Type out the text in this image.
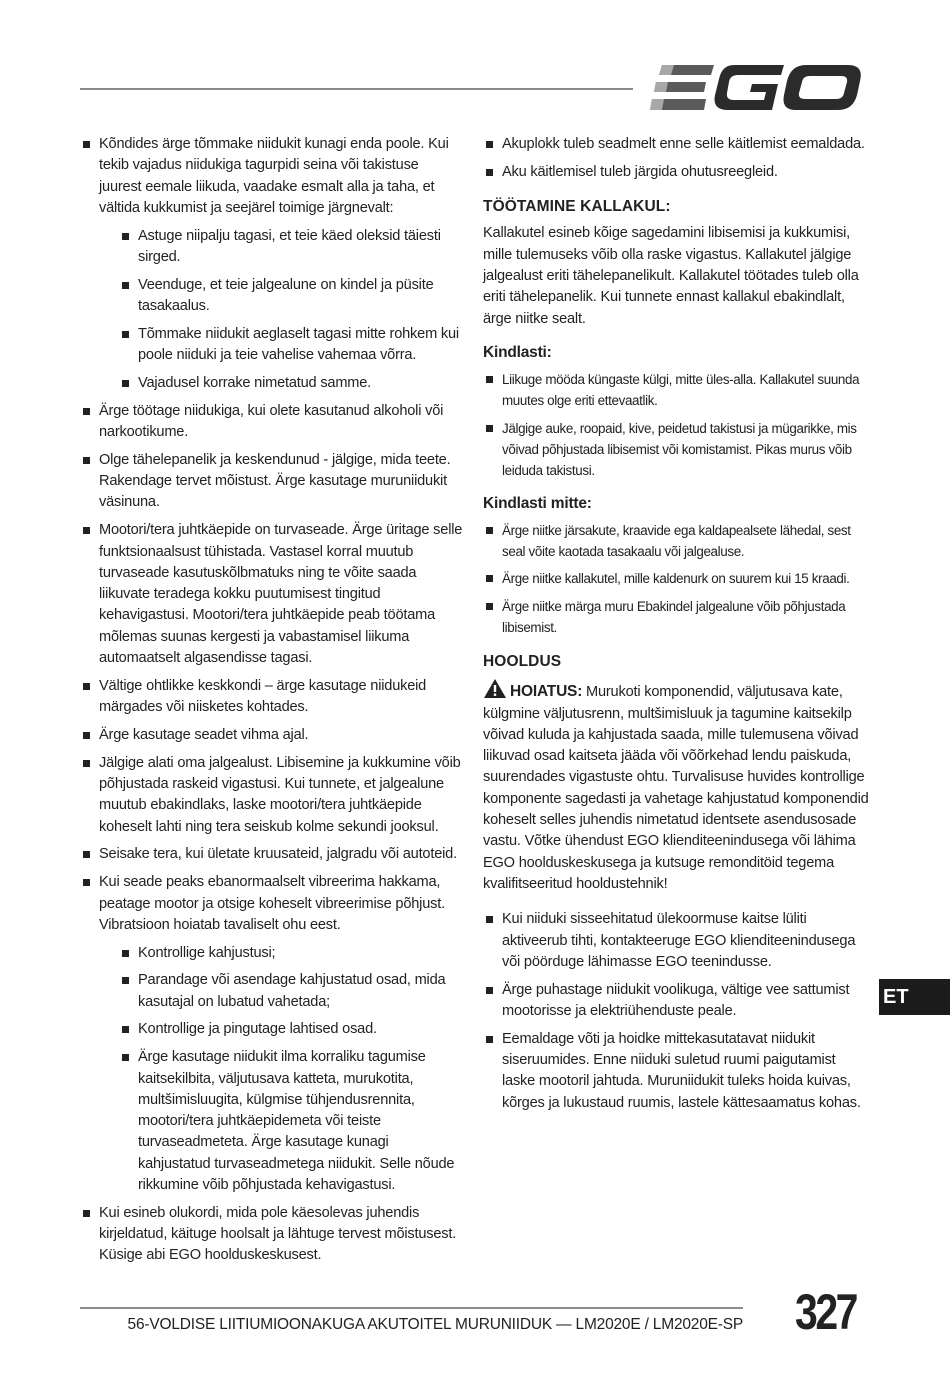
Kõndides ärge tõmmake niidukit kunagi enda poole. Kui tekib vajadus niidukiga tagurpidi seina või takistuse juurest eemale liikuda, vaadake esmalt alla ja taha, et vältida kukkumist ja seejärel toimige järgnevalt:
Astuge niipalju tagasi, et teie käed oleksid täiesti sirged.
Veenduge, et teie jalgealune on kindel ja püsite tasakaalus.
Tõmmake niidukit aeglaselt tagasi mitte rohkem kui poole niiduki ja teie vahelise vahemaa võrra.
Vajadusel korrake nimetatud samme.
Ärge töötage niidukiga, kui olete kasutanud alkoholi või narkootikume.
Olge tähelepanelik ja keskendunud - jälgige, mida teete. Rakendage tervet mõistust. Ärge kasutage muruniidukit väsinuna.
Mootori/tera juhtkäepide on turvaseade. Ärge üritage selle funktsionaalsust tühistada. Vastasel korral muutub turvaseade kasutuskõlbmatuks ning te võite saada liikuvate teradega kokku puutumisest tingitud kehavigastusi. Mootori/tera juhtkäepide peab töötama mõlemas suunas kergesti ja vabastamisel liikuma automaatselt algasendisse tagasi.
Vältige ohtlikke keskkondi – ärge kasutage niidukeid märgades või niisketes kohtades.
Ärge kasutage seadet vihma ajal.
Jälgige alati oma jalgealust. Libisemine ja kukkumine võib põhjustada raskeid vigastusi. Kui tunnete, et jalgealune muutub ebakindlaks, laske mootori/tera juhtkäepide koheselt lahti ning tera seiskub kolme sekundi jooksul.
Seisake tera, kui ületate kruusateid, jalgradu või autoteid.
Kui seade peaks ebanormaalselt vibreerima hakkama, peatage mootor ja otsige koheselt vibreerimise põhjust. Vibratsioon hoiatab tavaliselt ohu eest.
Kontrollige kahjustusi;
Parandage või asendage kahjustatud osad, mida kasutajal on lubatud vahetada;
Kontrollige ja pingutage lahtised osad.
Ärge kasutage niidukit ilma korraliku tagumise kaitsekilbita, väljutusava katteta, murukotita, multšimisluugita, külgmise tühjendusrennita, mootori/tera juhtkäepidemeta või teiste turvaseadmeteta. Ärge kasutage kunagi kahjustatud turvaseadmetega niidukit. Selle nõude rikkumine võib põhjustada kehavigastusi.
Kui esineb olukordi, mida pole käesolevas juhendis kirjeldatud, käituge hoolsalt ja lähtuge tervest mõistusest. Küsige abi EGO hoolduskeskusest.
Akuplokk tuleb seadmelt enne selle käitlemist eemaldada.
Aku käitlemisel tuleb järgida ohutusreegleid.
TÖÖTAMINE KALLAKUL:

Kallakutel esineb kõige sagedamini libisemisi ja kukkumisi, mille tulemuseks võib olla raske vigastus. Kallakutel jälgige jalgealust eriti tähelepanelikult. Kallakutel töötades tuleb olla eriti tähelepanelik. Kui tunnete ennast kallakul ebakindlalt, ärge niitke sealt.

Kindlasti:
Liikuge mööda küngaste külgi, mitte üles-alla. Kallakutel suunda muutes olge eriti ettevaatlik.
Jälgige auke, roopaid, kive, peidetud takistusi ja mügarikke, mis võivad põhjustada libisemist või komistamist. Pikas murus võib leiduda takistusi.
Kindlasti mitte:
Ärge niitke järsakute, kraavide ega kaldapealsete lähedal, sest seal võite kaotada tasakaalu või jalgealuse.
Ärge niitke kallakutel, mille kaldenurk on suurem kui 15 kraadi.
Ärge niitke märga muru Ebakindel jalgealune võib põhjustada libisemist.
HOOLDUS

HOIATUS: Murukoti komponendid, väljutusava kate, külgmine väljutusrenn, multšimisluuk ja tagumine kaitsekilp võivad kuluda ja kahjustada saada, mille tulemusena võivad liikuvad osad kaitseta jääda või võõrkehad lendu paiskuda, suurendades vigastuste ohtu. Turvalisuse huvides kontrollige komponente sagedasti ja vahetage kahjustatud komponendid koheselt selles juhendis nimetatud identsete asendusosade vastu. Võtke ühendust EGO klienditeenindusega või lähima EGO hoolduskeskusega ja kutsuge remonditöid tegema kvalifitseeritud hooldustehnik!

Kui niiduki sisseehitatud ülekoormuse kaitse lüliti aktiveerub tihti, kontakteeruge EGO klienditeenindusega või pöörduge lähimasse EGO teenindusse.
Ärge puhastage niidukit voolikuga, vältige vee sattumist mootorisse ja elektriühenduste peale.
Eemaldage võti ja hoidke mittekasutatavat niidukit siseruumides. Enne niiduki suletud ruumi paigutamist laske mootoril jahtuda. Muruniidukit tuleks hoida kuivas, kõrges ja lukustaud ruumis, lastele kättesaamatus kohas.
ET
56-VOLDISE LIITIUMIOONAKUGA AKUTOITEL MURUNIIDUK — LM2020E / LM2020E-SP 327
